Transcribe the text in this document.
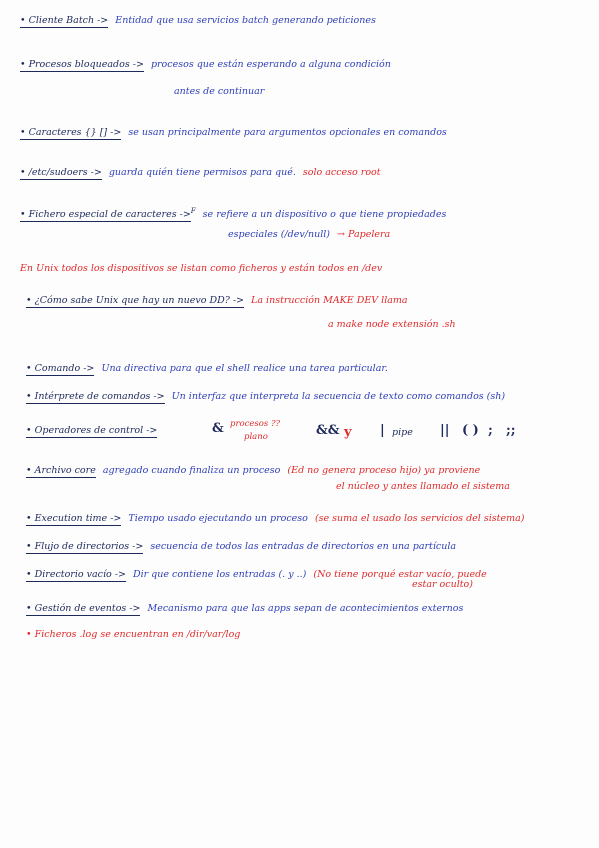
• Cliente Batch -> Entidad que usa servicios batch generando peticiones
• Procesos bloqueados -> procesos que están esperando a alguna condición
antes de continuar
• Caracteres {} [] -> se usan principalmente para argumentos opcionales en comandos
• /etc/sudoers -> guarda quién tiene permisos para qué. solo acceso root
• Fichero especial de caracteres ->$^F$ se refiere a un dispositivo o que tiene propiedades
especiales (/dev/null) → Papelera
En Unix todos los dispositivos se listan como ficheros y están todos en /dev
• ¿Cómo sabe Unix que hay un nuevo DD? -> La instrucción MAKE DEV llama
a make node extensión .sh
• Comando -> Una directiva para que el shell realice una tarea particular.
• Intérprete de comandos -> Un interfaz que interpreta la secuencia de texto como comandos (sh)
• Operadores de control ->	& procesos ??
plano	&& y | pipe || ( ) ; ;;
• Archivo core agregado cuando finaliza un proceso (Ed no genera proceso hijo) ya proviene
el núcleo y antes llamado el sistema
• Execution time -> Tiempo usado ejecutando un proceso (se suma el usado los servicios del sistema)
• Flujo de directorios -> secuencia de todos las entradas de directorios en una partícula
• Directorio vacío -> Dir que contiene los entradas (. y ..) (No tiene porqué estar vacío, puede
estar oculto)
• Gestión de eventos -> Mecanismo para que las apps sepan de acontecimientos externos
• Ficheros .log se encuentran en /dir/var/log
